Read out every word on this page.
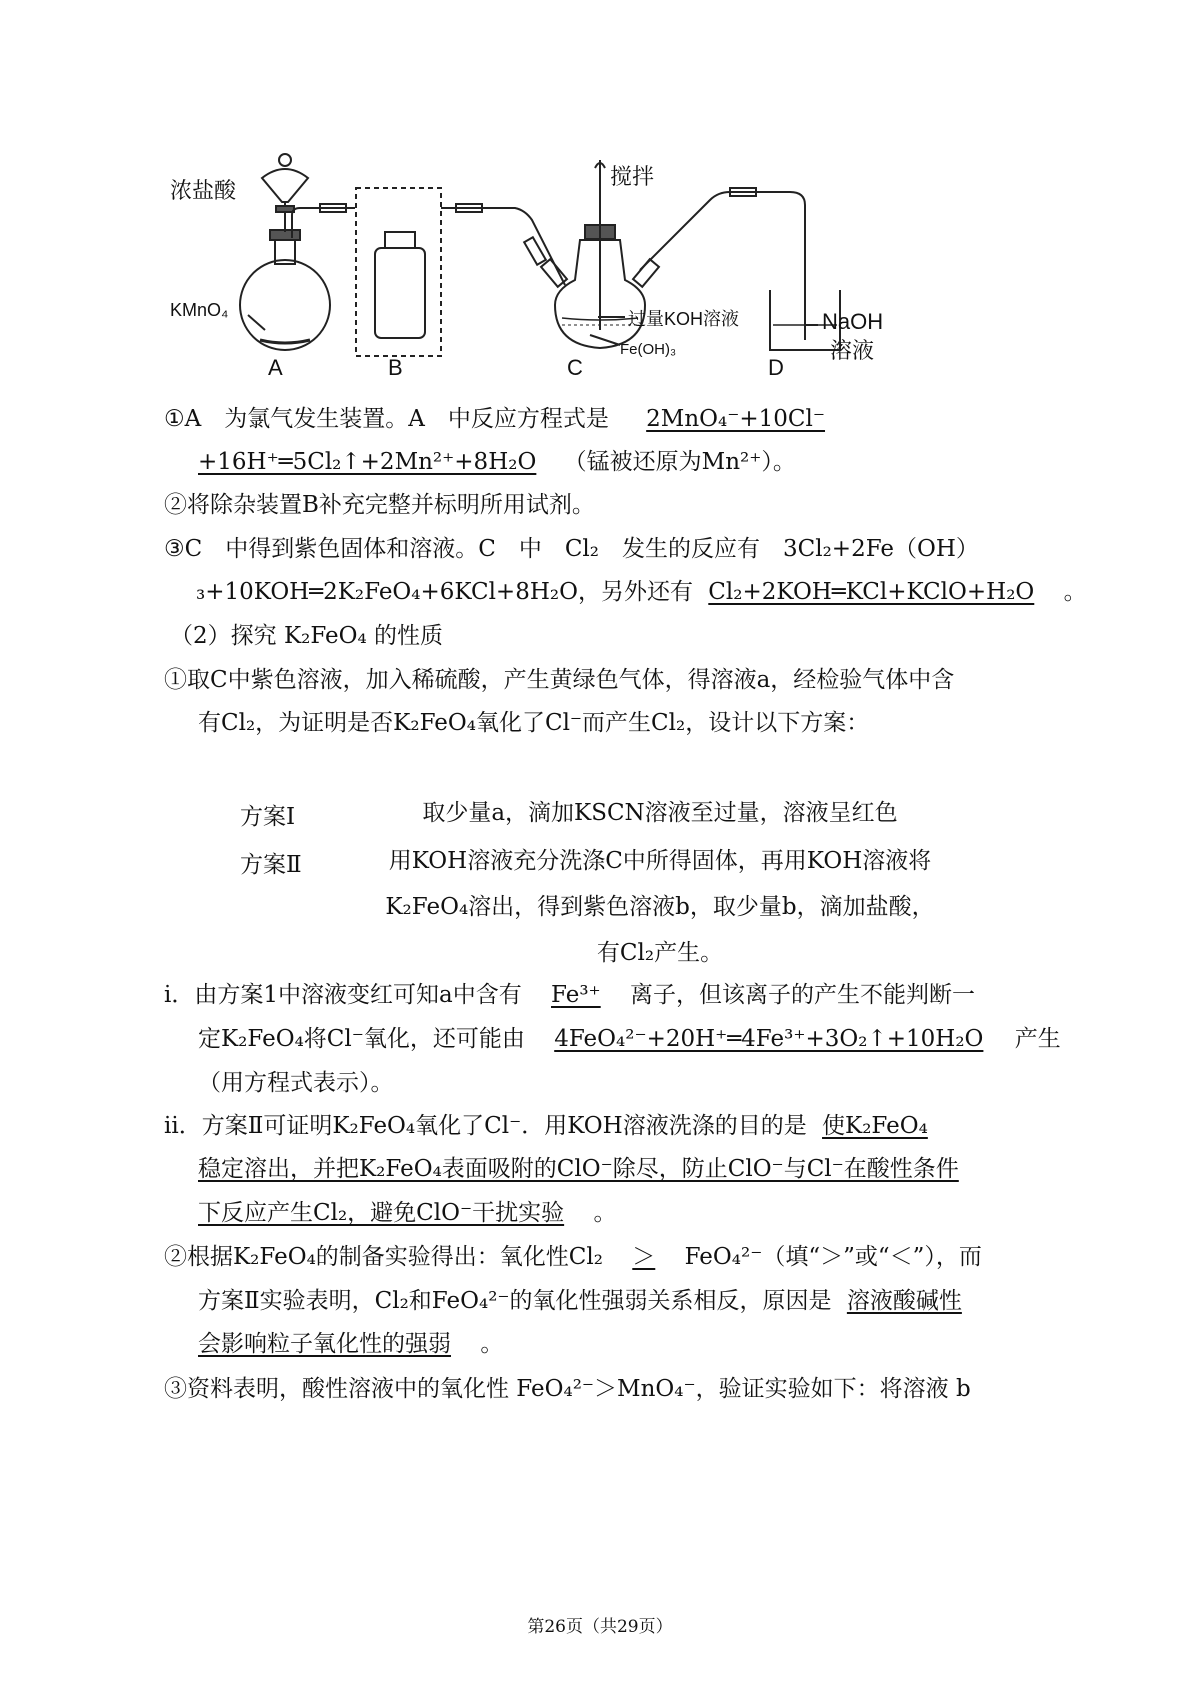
浓盐酸
KMnO₄
搅拌
过量KOH溶液
Fe(OH)₃
NaOH
溶液
A	B	C	D
①A　为氯气发生装置。A　中反应方程式是 2MnO₄⁻+10Cl⁻
+16H⁺═5Cl₂↑+2Mn²⁺+8H₂O （锰被还原为Mn²⁺）。
②将除杂装置B补充完整并标明所用试剂。
③C　中得到紫色固体和溶液。C　中　Cl₂　发生的反应有　3Cl₂+2Fe（OH）
₃+10KOH═2K₂FeO₄+6KCl+8H₂O，另外还有 Cl₂+2KOH═KCl+KClO+H₂O 。
（2）探究 K₂FeO₄ 的性质
①取C中紫色溶液，加入稀硫酸，产生黄绿色气体，得溶液a，经检验气体中含
有Cl₂，为证明是否K₂FeO₄氧化了Cl⁻而产生Cl₂，设计以下方案：
方案Ⅰ	取少量a，滴加KSCN溶液至过量，溶液呈红色
方案Ⅱ	用KOH溶液充分洗涤C中所得固体，再用KOH溶液将
K₂FeO₄溶出，得到紫色溶液b，取少量b，滴加盐酸，
有Cl₂产生。
i．由方案1中溶液变红可知a中含有 Fe³⁺ 离子，但该离子的产生不能判断一
定K₂FeO₄将Cl⁻氧化，还可能由 4FeO₄²⁻+20H⁺═4Fe³⁺+3O₂↑+10H₂O 产生
（用方程式表示）。
ii．方案Ⅱ可证明K₂FeO₄氧化了Cl⁻．用KOH溶液洗涤的目的是 使K₂FeO₄
稳定溶出，并把K₂FeO₄表面吸附的ClO⁻除尽，防止ClO⁻与Cl⁻在酸性条件
下反应产生Cl₂，避免ClO⁻干扰实验 。
②根据K₂FeO₄的制备实验得出：氧化性Cl₂ ＞ FeO₄²⁻（填“＞”或“＜”），而
方案Ⅱ实验表明，Cl₂和FeO₄²⁻的氧化性强弱关系相反，原因是 溶液酸碱性
会影响粒子氧化性的强弱 。
③资料表明，酸性溶液中的氧化性 FeO₄²⁻＞MnO₄⁻，验证实验如下：将溶液 b
第26页（共29页）
